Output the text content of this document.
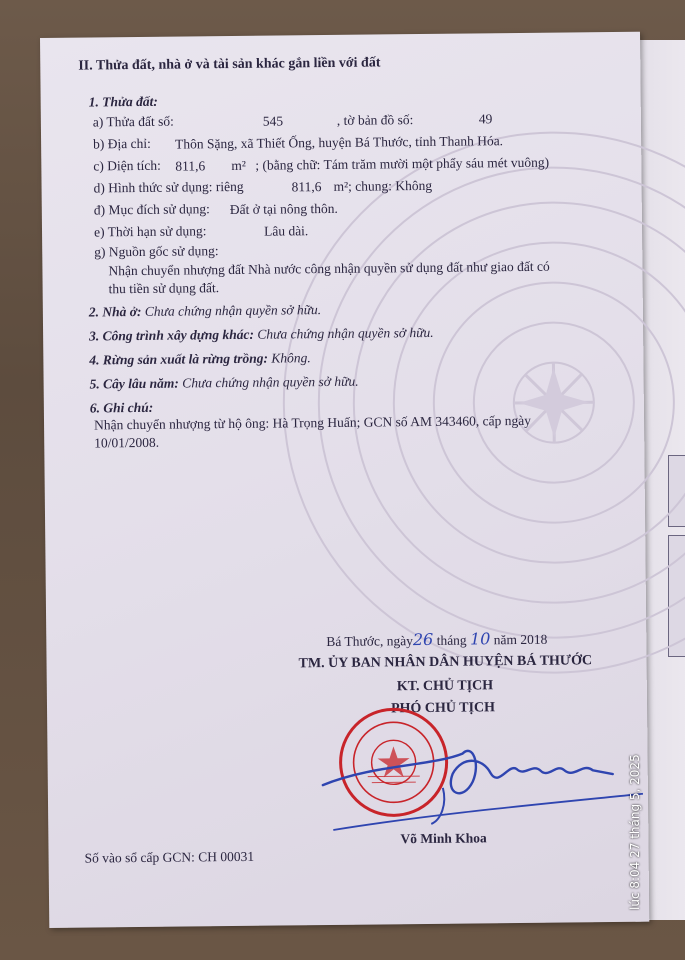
II. Thửa đất, nhà ở và tài sản khác gắn liền với đất
1. Thửa đất:
a) Thửa đất số:	545	, tờ bản đồ số:	49
b) Địa chỉ: Thôn Sặng, xã Thiết Ống, huyện Bá Thước, tỉnh Thanh Hóa.
c) Diện tích: 811,6 m² ; (bằng chữ: Tám trăm mười một phẩy sáu mét vuông)
d) Hình thức sử dụng: riêng	811,6 m²; chung: Không
đ) Mục đích sử dụng: Đất ở tại nông thôn.
e) Thời hạn sử dụng:	Lâu dài.
g) Nguồn gốc sử dụng:
Nhận chuyển nhượng đất Nhà nước công nhận quyền sử dụng đất như giao đất có
thu tiền sử dụng đất.
2. Nhà ở: Chưa chứng nhận quyền sở hữu.
3. Công trình xây dựng khác: Chưa chứng nhận quyền sở hữu.
4. Rừng sản xuất là rừng trồng: Không.
5. Cây lâu năm: Chưa chứng nhận quyền sở hữu.
6. Ghi chú:
Nhận chuyển nhượng từ hộ ông: Hà Trọng Huấn; GCN số AM 343460, cấp ngày
10/01/2008.
Bá Thước, ngày26 tháng 10 năm 2018
TM. ỦY BAN NHÂN DÂN HUYỆN BÁ THƯỚC
KT. CHỦ TỊCH
PHÓ CHỦ TỊCH
Võ Minh Khoa
Số vào sổ cấp GCN: CH 00031	lúc 8:04 27 tháng 5, 2025
